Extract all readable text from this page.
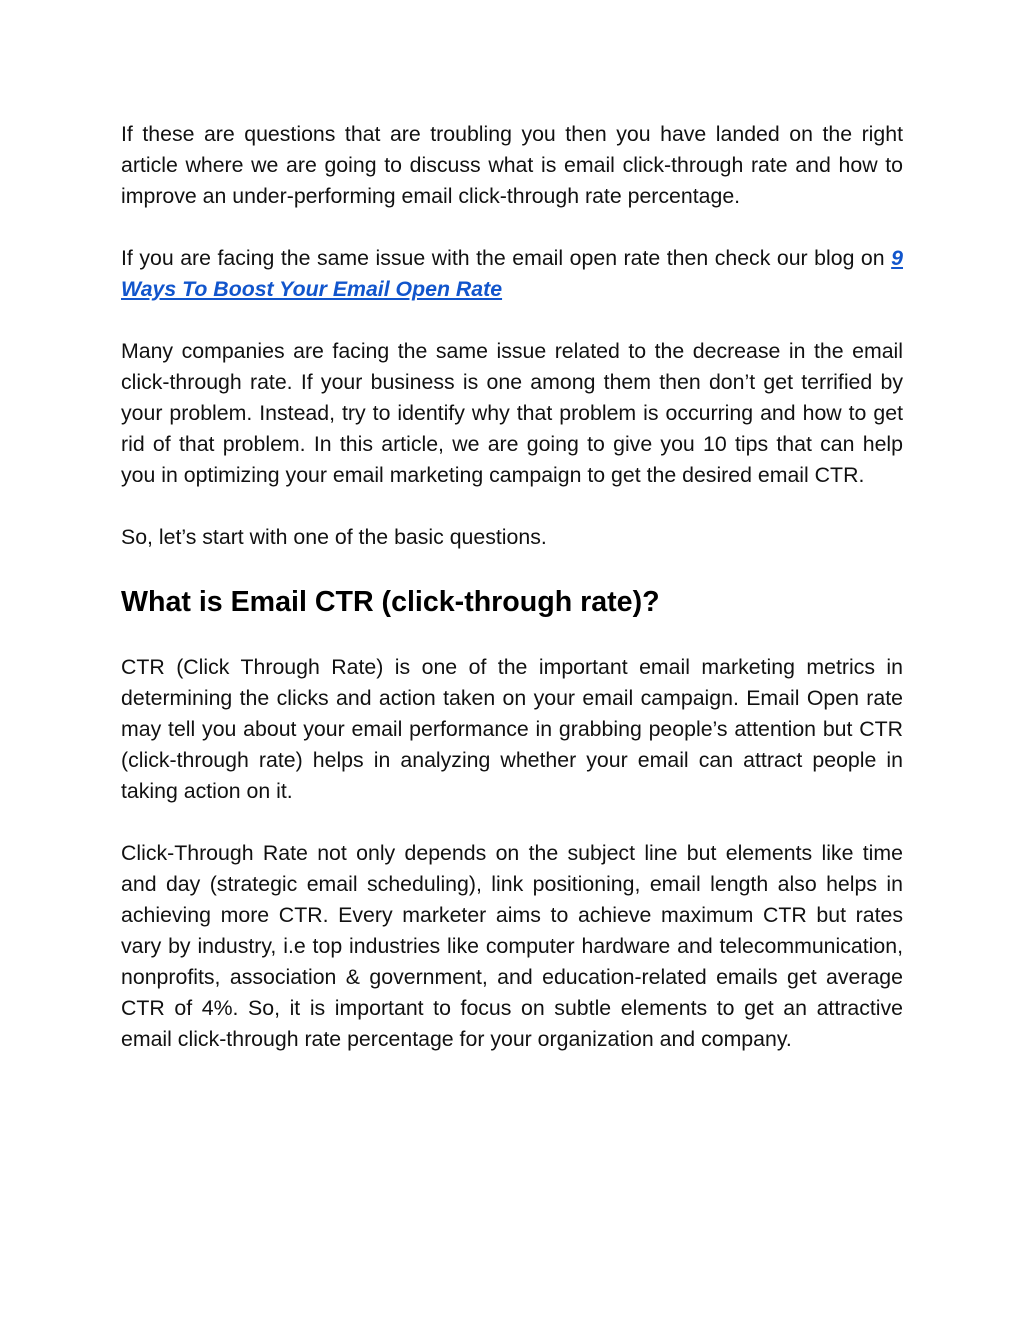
If these are questions that are troubling you then you have landed on the right article where we are going to discuss what is email click-through rate and how to improve an under-performing email click-through rate percentage.

If you are facing the same issue with the email open rate then check our blog on 9 Ways To Boost Your Email Open Rate

Many companies are facing the same issue related to the decrease in the email click-through rate. If your business is one among them then don’t get terrified by your problem. Instead, try to identify why that problem is occurring and how to get rid of that problem. In this article, we are going to give you 10 tips that can help you in optimizing your email marketing campaign to get the desired email CTR.

So, let’s start with one of the basic questions.

What is Email CTR (click-through rate)?

CTR (Click Through Rate) is one of the important email marketing metrics in determining the clicks and action taken on your email campaign. Email Open rate may tell you about your email performance in grabbing people’s attention but CTR (click-through rate) helps in analyzing whether your email can attract people in taking action on it.

Click-Through Rate not only depends on the subject line but elements like time and day (strategic email scheduling), link positioning, email length also helps in achieving more CTR. Every marketer aims to achieve maximum CTR but rates vary by industry, i.e top industries like computer hardware and telecommunication, nonprofits, association & government, and education-related emails get average CTR of 4%. So, it is important to focus on subtle elements to get an attractive email click-through rate percentage for your organization and company.
